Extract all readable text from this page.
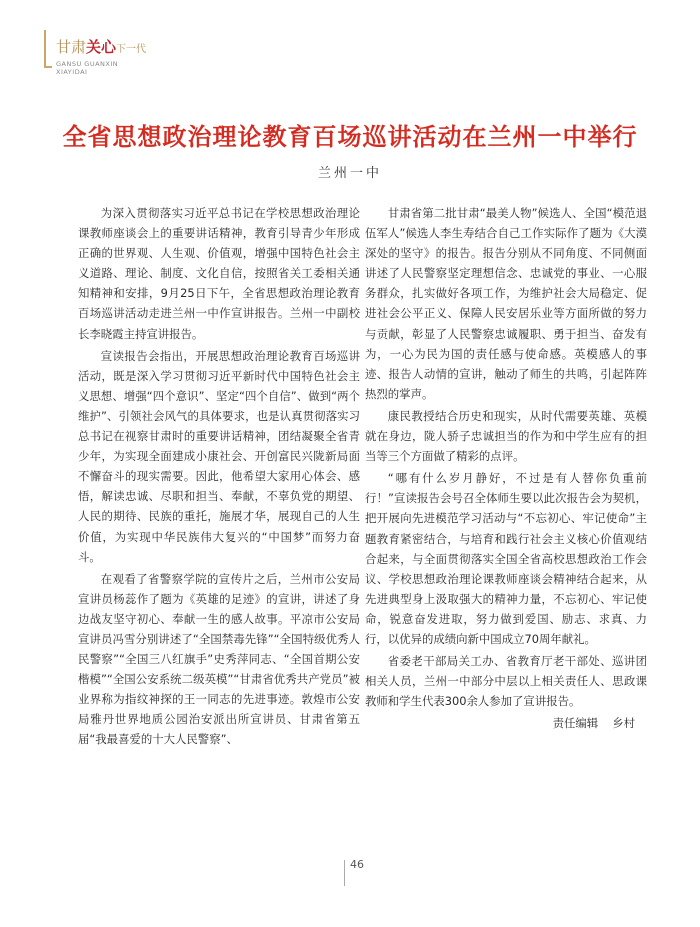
甘肃关心下一代
GANSU GUANXIN
XIAYIDAI
全省思想政治理论教育百场巡讲活动在兰州一中举行
兰州一中

为深入贯彻落实习近平总书记在学校思想政治理论课教师座谈会上的重要讲话精神，教育引导青少年形成正确的世界观、人生观、价值观，增强中国特色社会主义道路、理论、制度、文化自信，按照省关工委相关通知精神和安排，9月25日下午，全省思想政治理论教育百场巡讲活动走进兰州一中作宣讲报告。兰州一中副校长李晓霞主持宣讲报告。

宣读报告会指出，开展思想政治理论教育百场巡讲活动，既是深入学习贯彻习近平新时代中国特色社会主义思想、增强“四个意识”、坚定“四个自信”、做到“两个维护”、引领社会风气的具体要求，也是认真贯彻落实习总书记在视察甘肃时的重要讲话精神，团结凝聚全省青少年，为实现全面建成小康社会、开创富民兴陇新局面不懈奋斗的现实需要。因此，他希望大家用心体会、感悟，解读忠诚、尽职和担当、奉献，不辜负党的期望、人民的期待、民族的重托，施展才华，展现自己的人生价值，为实现中华民族伟大复兴的“中国梦”而努力奋斗。

在观看了省警察学院的宣传片之后，兰州市公安局宣讲员杨蕊作了题为《英雄的足迹》的宣讲，讲述了身边战友坚守初心、奉献一生的感人故事。平凉市公安局宣讲员冯雪分别讲述了“全国禁毒先锋”“全国特级优秀人民警察”“全国三八红旗手”史秀萍同志、“全国首期公安楷模”“全国公安系统二级英模”“甘肃省优秀共产党员”被业界称为指纹神探的王一同志的先进事迹。敦煌市公安局雅丹世界地质公园治安派出所宣讲员、甘肃省第五届“我最喜爱的十大人民警察”、

甘肃省第二批甘肃“最美人物”候选人、全国“模范退伍军人”候选人李生寿结合自己工作实际作了题为《大漠深处的坚守》的报告。报告分别从不同角度、不同侧面讲述了人民警察坚定理想信念、忠诚党的事业、一心服务群众，扎实做好各项工作，为维护社会大局稳定、促进社会公平正义、保障人民安居乐业等方面所做的努力与贡献，彰显了人民警察忠诚履职、勇于担当、奋发有为，一心为民为国的责任感与使命感。英模感人的事迹、报告人动情的宣讲，触动了师生的共鸣，引起阵阵热烈的掌声。

康民教授结合历史和现实，从时代需要英雄、英模就在身边，陇人骄子忠诚担当的作为和中学生应有的担当等三个方面做了精彩的点评。

“哪有什么岁月静好，不过是有人替你负重前行！”宣读报告会号召全体师生要以此次报告会为契机，把开展向先进模范学习活动与“不忘初心、牢记使命”主题教育紧密结合，与培育和践行社会主义核心价值观结合起来，与全面贯彻落实全国全省高校思想政治工作会议、学校思想政治理论课教师座谈会精神结合起来，从先进典型身上汲取强大的精神力量，不忘初心、牢记使命，锐意奋发进取，努力做到爱国、励志、求真、力行，以优异的成绩向新中国成立70周年献礼。

省委老干部局关工办、省教育厅老干部处、巡讲团相关人员，兰州一中部分中层以上相关责任人、思政课教师和学生代表300余人参加了宣讲报告。

责任编辑 乡村

46
